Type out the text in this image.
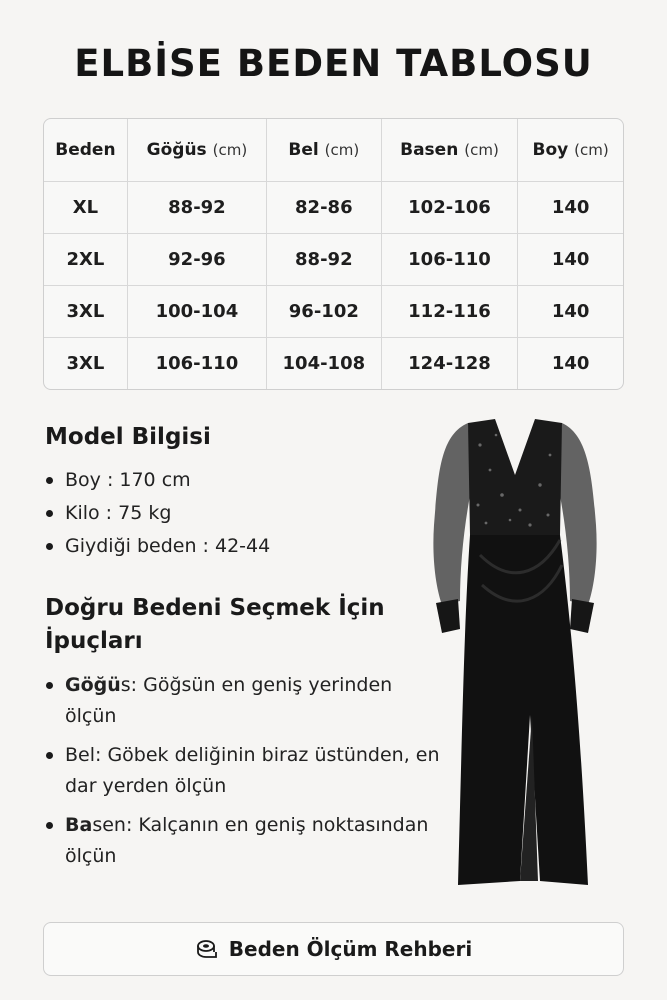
ELBİSE BEDEN TABLOSU
Beden	Göğüs (cm)	Bel (cm)	Basen (cm)	Boy (cm)
XL	88-92	82-86	102-106	140
2XL	92-96	88-92	106-110	140
3XL	100-104	96-102	112-116	140
3XL	106-110	104-108	124-128	140
Model Bilgisi
Boy : 170 cm
Kilo : 75 kg
Giydiği beden : 42-44
Doğru Bedeni Seçmek İçin
İpuçları
Göğüs: Göğsün en geniş yerinden ölçün
Bel: Göbek deliğinin biraz üstünden, en dar yerden ölçün
Basen: Kalçanın en geniş noktasından ölçün
Beden Ölçüm Rehberi
